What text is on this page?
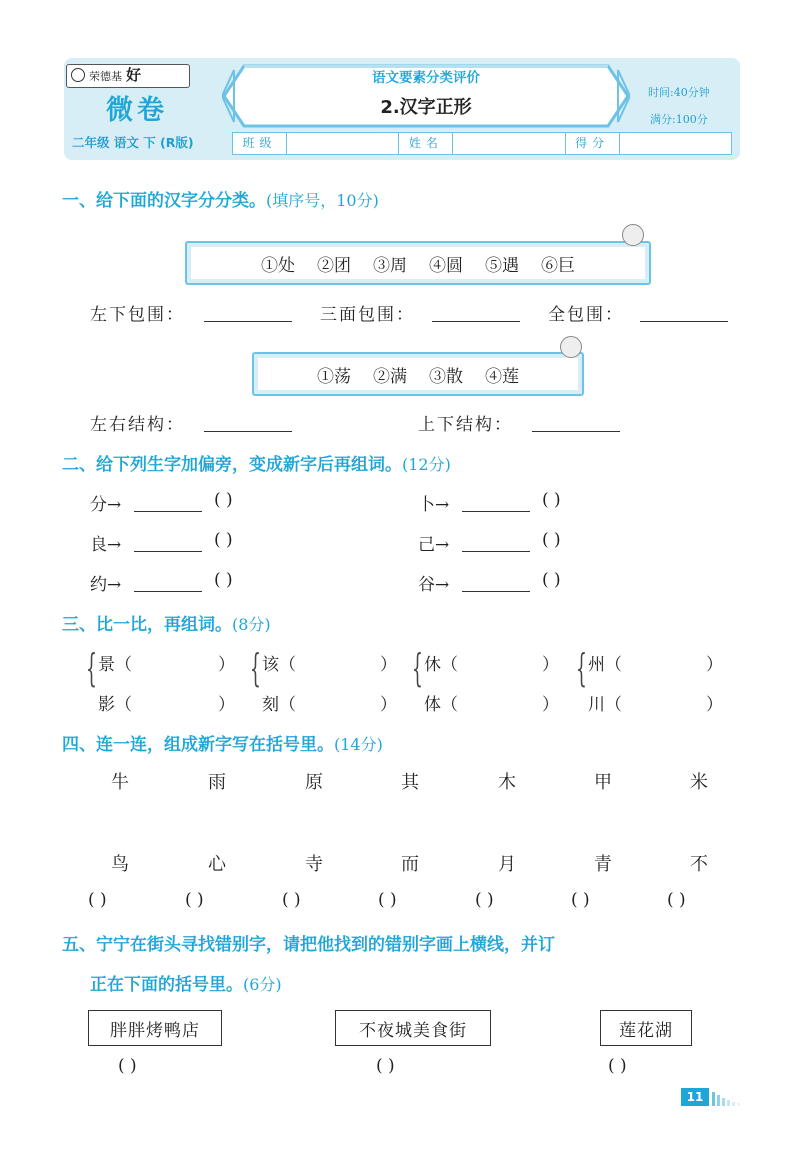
荣德基 好
微卷
二年级 语文 下 (R版)
语文要素分类评价
2.汉字正形
时间:40分钟
满分:100分
班级	姓名	得分
一、给下面的汉字分分类。(填序号，10分)
①处 ②团 ③周 ④圆 ⑤遇 ⑥巨
左下包围：	三面包围：	全包围：
①荡 ②满 ③散 ④莲
左右结构：	上下结构：
二、给下列生字加偏旁，变成新字后再组词。(12分)
分→	( )	卜→	( )
良→	( )	己→	( )
约→	( )	谷→	( )
三、比一比，再组词。(8分)
{ 景（	）
影（	）
{ 该（	）
刻（	）
{ 休（	）
体（	）
{ 州（	）
川（	）
四、连一连，组成新字写在括号里。(14分)
牛	雨	原	其	木	甲	米
鸟	心	寺	而	月	青	不
( )	( )	( )	( )	( )	( )	( )
五、宁宁在街头寻找错别字，请把他找到的错别字画上横线，并订
正在下面的括号里。(6分)
胖胖烤鸭店	不夜城美食街	莲花湖
( )	( )	( )
11
